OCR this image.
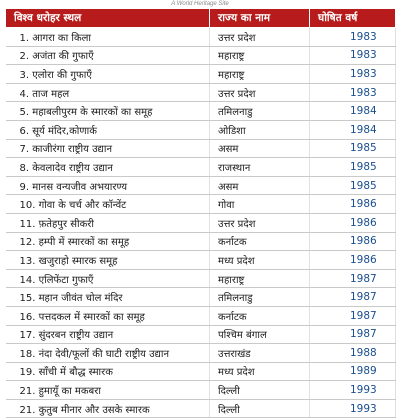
A World Heritage Site
विश्व धरोहर स्थल	राज्य का नाम	घोषित वर्ष
1. आगरा का किला	उत्तर प्रदेश	1983
2. अजंता की गुफाएँ	महाराष्ट्र	1983
3. एलोरा की गुफाएँ	महाराष्ट्र	1983
4. ताज महल	उत्तर प्रदेश	1983
5. महाबलीपुरम के स्मारकों का समूह	तमिलनाडु	1984
6. सूर्य मंदिर,कोणार्क	ओडिशा	1984
7. काजीरंगा राष्ट्रीय उद्यान	असम	1985
8. केवलादेव राष्ट्रीय उद्यान	राजस्थान	1985
9. मानस वन्यजीव अभयारण्य	असम	1985
10. गोवा के चर्च और कॉन्वेंट	गोवा	1986
11. फ़तेहपुर सीकरी	उत्तर प्रदेश	1986
12. हम्पी में स्मारकों का समूह	कर्नाटक	1986
13. खजुराहो स्मारक समूह	मध्य प्रदेश	1986
14. एलिफेंटा गुफाएँ	महाराष्ट्र	1987
15. महान जीवंत चोल मंदिर	तमिलनाडु	1987
16. पत्तदकल में स्मारकों का समूह	कर्नाटक	1987
17. सुंदरबन राष्ट्रीय उद्यान	पश्चिम बंगाल	1987
18. नंदा देवी/फूलों की घाटी राष्ट्रीय उद्यान	उत्तराखंड	1988
19. साँची में बौद्ध स्मारक	मध्य प्रदेश	1989
21. हुमायूँ का मकबरा	दिल्ली	1993
21. कुतुब मीनार और उसके स्मारक	दिल्ली	1993
